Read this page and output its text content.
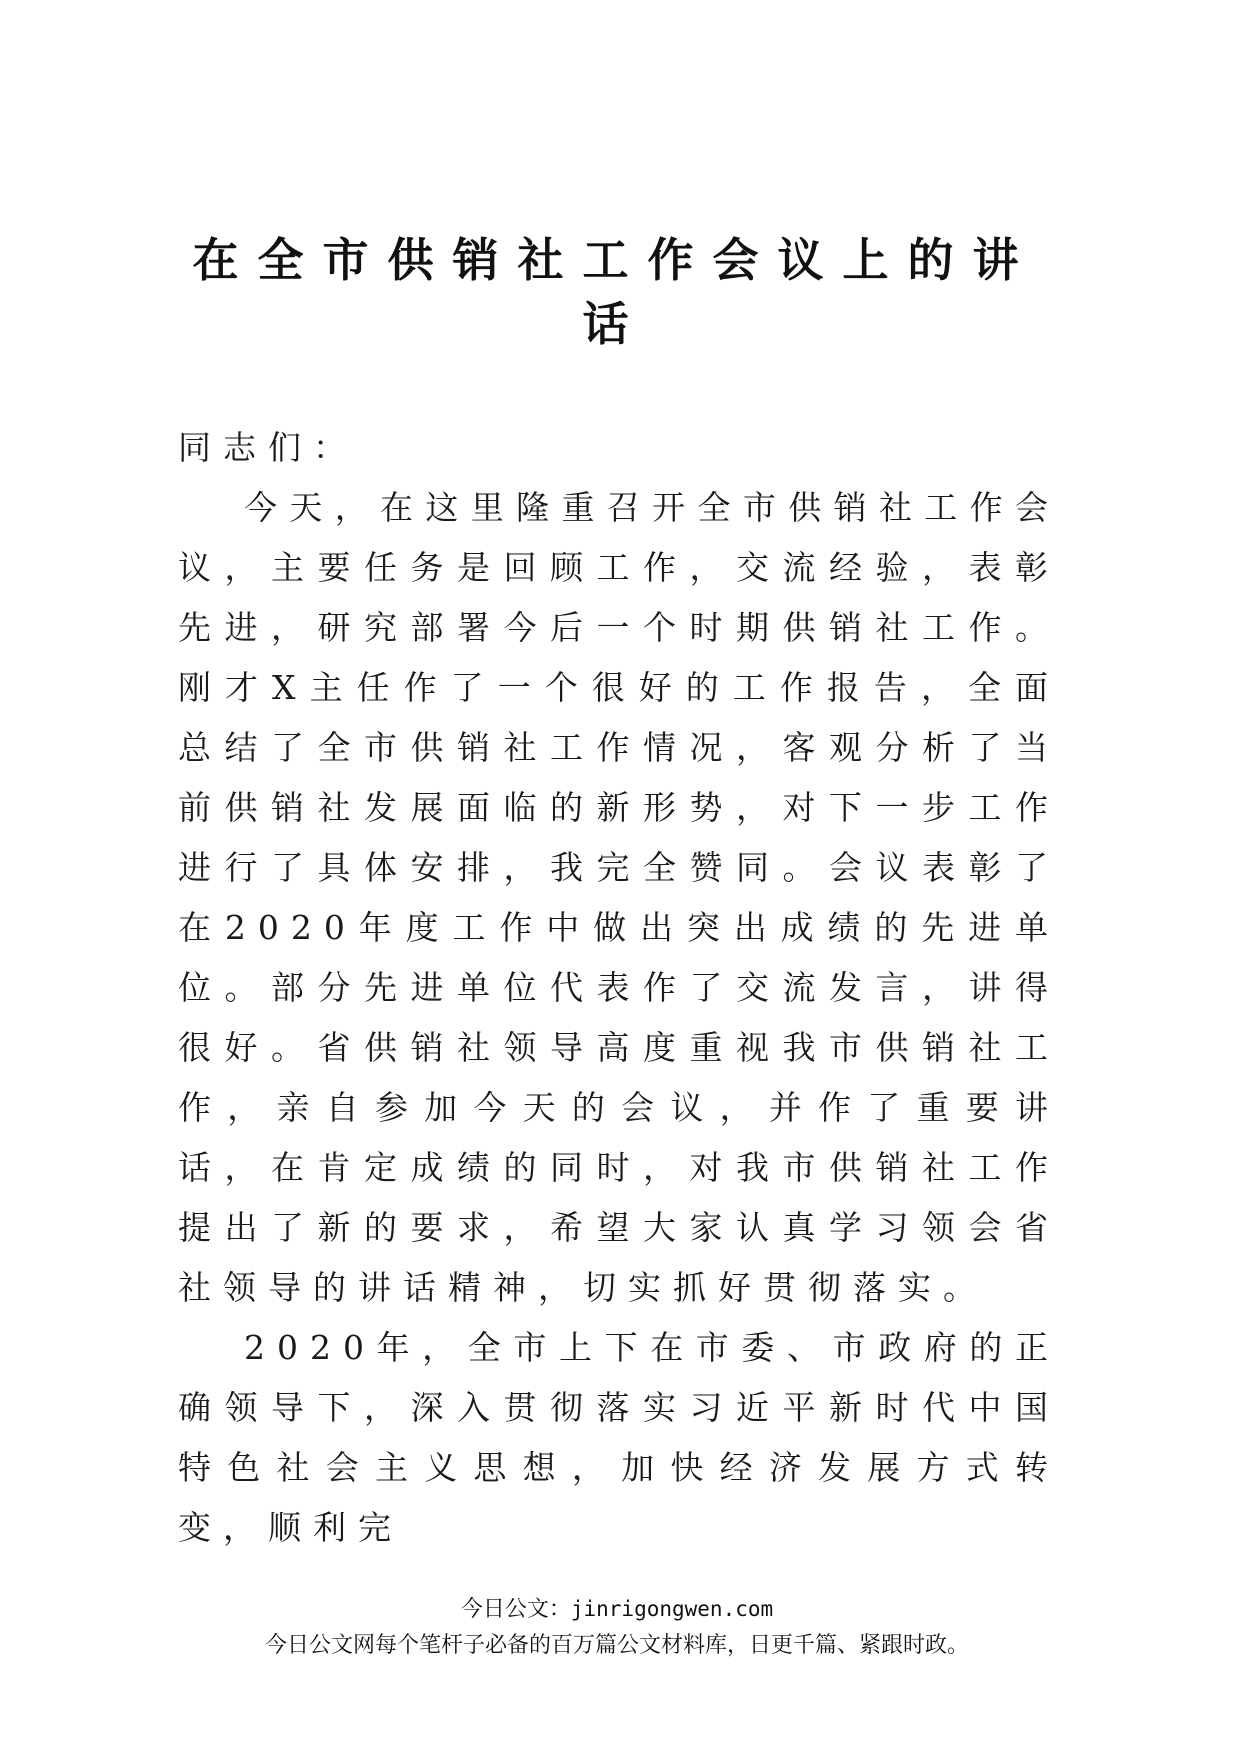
在全市供销社工作会议上的讲
话
同志们：

今天，在这里隆重召开全市供销社工作会议，主要任务是回顾工作，交流经验，表彰先进，研究部署今后一个时期供销社工作。刚才X主任作了一个很好的工作报告，全面总结了全市供销社工作情况，客观分析了当前供销社发展面临的新形势，对下一步工作进行了具体安排，我完全赞同。会议表彰了在2020年度工作中做出突出成绩的先进单位。部分先进单位代表作了交流发言，讲得很好。省供销社领导高度重视我市供销社工作，亲自参加今天的会议，并作了重要讲话，在肯定成绩的同时，对我市供销社工作提出了新的要求，希望大家认真学习领会省社领导的讲话精神，切实抓好贯彻落实。

2020年，全市上下在市委、市政府的正确领导下，深入贯彻落实习近平新时代中国特色社会主义思想，加快经济发展方式转变，顺利完

今日公文：jinrigongwen.com
今日公文网每个笔杆子必备的百万篇公文材料库，日更千篇、紧跟时政。
